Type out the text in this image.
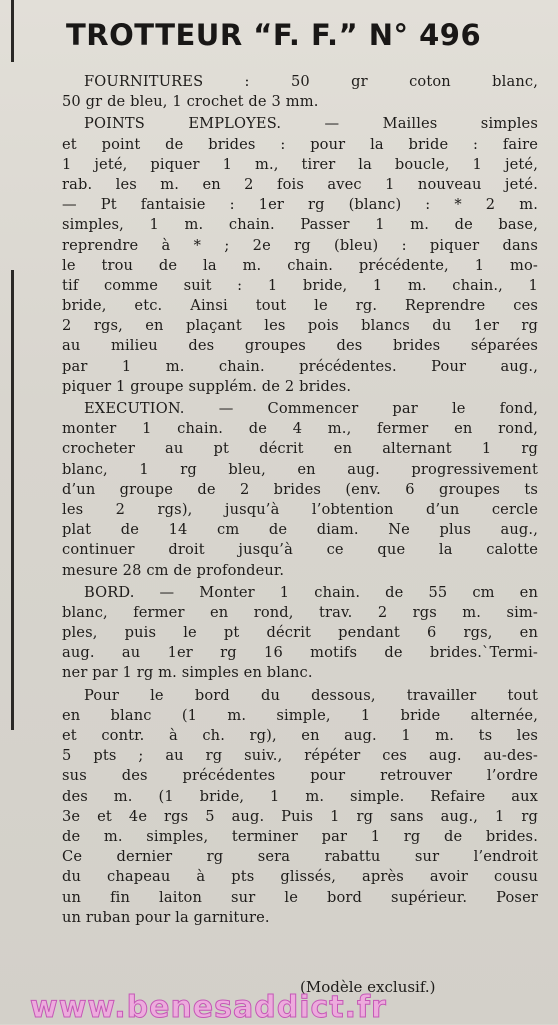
TROTTEUR “F. F.” N° 496
FOURNITURES : 50 gr coton blanc,
50 gr de bleu, 1 crochet de 3 mm.
POINTS EMPLOYES. — Mailles simples
et point de brides : pour la bride : faire
1 jeté, piquer 1 m., tirer la boucle, 1 jeté,
rab. les m. en 2 fois avec 1 nouveau jeté.
— Pt fantaisie : 1er rg (blanc) : * 2 m.
simples, 1 m. chain. Passer 1 m. de base,
reprendre à * ; 2e rg (bleu) : piquer dans
le trou de la m. chain. précédente, 1 mo-
tif comme suit : 1 bride, 1 m. chain., 1
bride, etc. Ainsi tout le rg. Reprendre ces
2 rgs, en plaçant les pois blancs du 1er rg
au milieu des groupes des brides séparées
par 1 m. chain. précédentes. Pour aug.,
piquer 1 groupe supplém. de 2 brides.
EXECUTION. — Commencer par le fond,
monter 1 chain. de 4 m., fermer en rond,
crocheter au pt décrit en alternant 1 rg
blanc, 1 rg bleu, en aug. progressivement
d’un groupe de 2 brides (env. 6 groupes ts
les 2 rgs), jusqu’à l’obtention d’un cercle
plat de 14 cm de diam. Ne plus aug.,
continuer droit jusqu’à ce que la calotte
mesure 28 cm de profondeur.
BORD. — Monter 1 chain. de 55 cm en
blanc, fermer en rond, trav. 2 rgs m. sim-
ples, puis le pt décrit pendant 6 rgs, en
aug. au 1er rg 16 motifs de brides.`Termi-
ner par 1 rg m. simples en blanc.
Pour le bord du dessous, travailler tout
en blanc (1 m. simple, 1 bride alternée,
et contr. à ch. rg), en aug. 1 m. ts les
5 pts ; au rg suiv., répéter ces aug. au-des-
sus des précédentes pour retrouver l’ordre
des m. (1 bride, 1 m. simple. Refaire aux
3e et 4e rgs 5 aug. Puis 1 rg sans aug., 1 rg
de m. simples, terminer par 1 rg de brides.
Ce dernier rg sera rabattu sur l’endroit
du chapeau à pts glissés, après avoir cousu
un fin laiton sur le bord supérieur. Poser
un ruban pour la garniture.
(Modèle exclusif.)
www.benesaddict.fr
